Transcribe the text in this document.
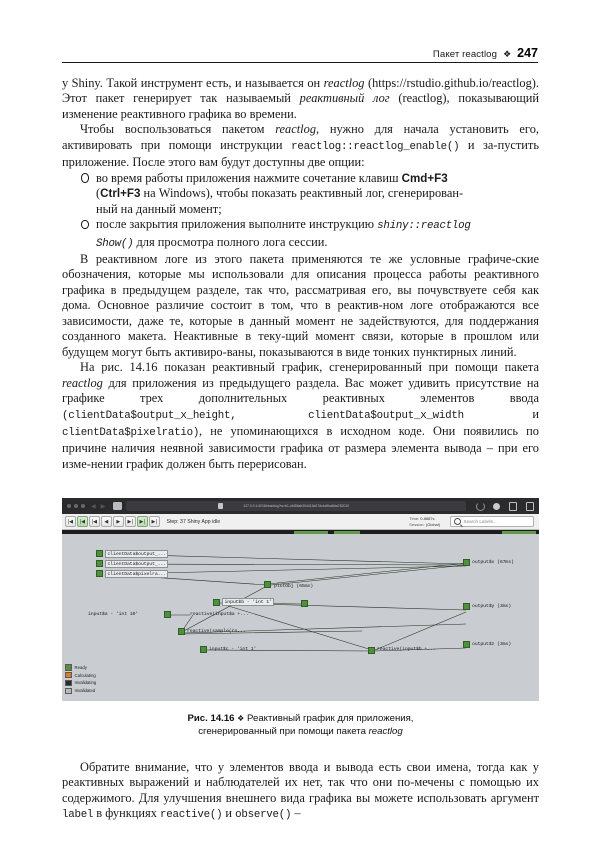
Пакет reactlog ❖ 247

у Shiny. Такой инструмент есть, и называется он reactlog (https://rstudio.github.io/reactlog). Этот пакет генерирует так называемый реактивный лог (reactlog), показывающий изменение реактивного графика во времени.

Чтобы воспользоваться пакетом reactlog, нужно для начала установить его, активировать при помощи инструкции reactlog::reactlog_enable() и за-пустить приложение. После этого вам будут доступны две опции:

во время работы приложения нажмите сочетание клавиш Cmd+F3
(Ctrl+F3 на Windows), чтобы показать реактивный лог, сгенерирован-
ный на данный момент;
после закрытия приложения выполните инструкцию shiny::reactlog
Show() для просмотра полного лога сессии.

В реактивном логе из этого пакета применяются те же условные графиче-ские обозначения, которые мы использовали для описания процесса работы реактивного графика в предыдущем разделе, так что, рассматривая его, вы почувствуете себя как дома. Основное различие состоит в том, что в реактив-ном логе отображаются все зависимости, даже те, которые в данный момент не задействуются, для поддержания созданного макета. Неактивные в теку-щий момент связи, которые в прошлом или будущем могут быть активиро-ваны, показываются в виде тонких пунктирных линий.

На рис. 14.16 показан реактивный график, сгенерированный при помощи пакета reactlog для приложения из предыдущего раздела. Вас может удивить присутствие на графике трех дополнительных реактивных элементов ввода (clientData$output_x_height, clientData$output_x_width и clientData$pixelratio), не упоминающихся в исходном коде. Они появились по причине наличия неявной зависимости графика от размера элемента вывода – при его изме-нении график должен быть перерисован.

◀ ▶	127.0.0.1:4018/reactlog?w=b1-cfd35ab304413a07dcbc5ba8da782010
|◀	|◀	|◀	◀	▶	▶|	▶|	▶|	Step: 37 Shiny App idle	Time: 0.8887s
Session: (Global)	Search Labels...
clientData$output_...
clientData$output_...
clientData$pixelra...
output$x (67ms)
plotObj (65ms)
input$a - 'int 10'
input$b - 'int 1'
reactive(input$a +...
reactive(sample(rn...
output$y (3ms)
input$c - 'int 1'	reactive(input$b +...
output$z (3ms)
Ready
Calculating
Invalidating
Invalidated
Рис. 14.16 ❖ Реактивный график для приложения,
сгенерированный при помощи пакета reactlog

Обратите внимание, что у элементов ввода и вывода есть свои имена, тогда как у реактивных выражений и наблюдателей их нет, так что они по-мечены с помощью их содержимого. Для улучшения внешнего вида графика вы можете использовать аргумент label в функциях reactive() и observe() –
